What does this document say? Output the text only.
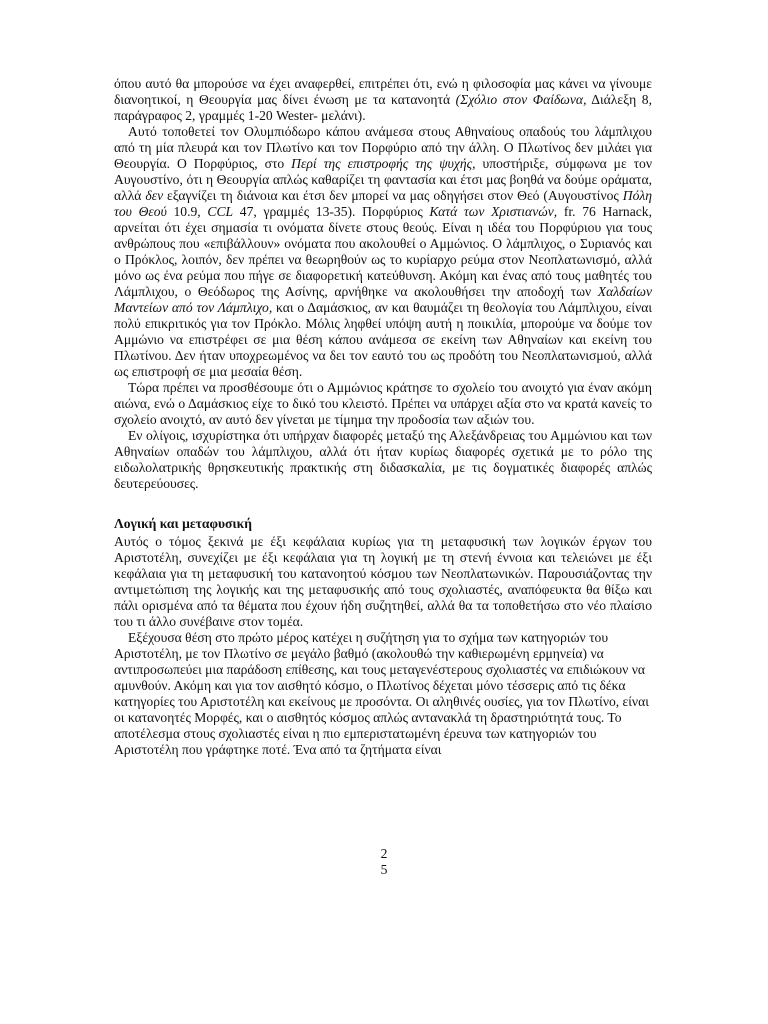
όπου αυτό θα μπορούσε να έχει αναφερθεί, επιτρέπει ότι, ενώ η φιλοσοφία μας κάνει να γίνουμε διανοητικοί, η Θεουργία μας δίνει ένωση με τα κατανοητά (Σχόλιο στον Φαίδωνα, Διάλεξη 8, παράγραφος 2, γραμμές 1-20 Wester- μελάνι).

Αυτό τοποθετεί τον Ολυμπιόδωρο κάπου ανάμεσα στους Αθηναίους οπαδούς του λάμπλιχου από τη μία πλευρά και τον Πλωτίνο και τον Πορφύριο από την άλλη. Ο Πλωτίνος δεν μιλάει για Θεουργία. Ο Πορφύριος, στο Περί της επιστροφής της ψυχής, υποστήριξε, σύμφωνα με τον Αυγουστίνο, ότι η Θεουργία απλώς καθαρίζει τη φαντασία και έτσι μας βοηθά να δούμε οράματα, αλλά δεν εξαγνίζει τη διάνοια και έτσι δεν μπορεί να μας οδηγήσει στον Θεό (Αυγουστίνος Πόλη του Θεού 10.9, CCL 47, γραμμές 13-35). Πορφύριος Κατά των Χριστιανών, fr. 76 Harnack, αρνείται ότι έχει σημασία τι ονόματα δίνετε στους θεούς. Είναι η ιδέα του Πορφύριου για τους ανθρώπους που «επιβάλλουν» ονόματα που ακολουθεί ο Αμμώνιος. Ο λάμπλιχος, ο Συριανός και ο Πρόκλος, λοιπόν, δεν πρέπει να θεωρηθούν ως το κυρίαρχο ρεύμα στον Νεοπλατωνισμό, αλλά μόνο ως ένα ρεύμα που πήγε σε διαφορετική κατεύθυνση. Ακόμη και ένας από τους μαθητές του Λάμπλιχου, ο Θεόδωρος της Ασίνης, αρνήθηκε να ακολουθήσει την αποδοχή των Χαλδαίων Μαντείων από τον Λάμπλιχο, και ο Δαμάσκιος, αν και θαυμάζει τη θεολογία του Λάμπλιχου, είναι πολύ επικριτικός για τον Πρόκλο. Μόλις ληφθεί υπόψη αυτή η ποικιλία, μπορούμε να δούμε τον Αμμώνιο να επιστρέφει σε μια θέση κάπου ανάμεσα σε εκείνη των Αθηναίων και εκείνη του Πλωτίνου. Δεν ήταν υποχρεωμένος να δει τον εαυτό του ως προδότη του Νεοπλατωνισμού, αλλά ως επιστροφή σε μια μεσαία θέση.

Τώρα πρέπει να προσθέσουμε ότι ο Αμμώνιος κράτησε το σχολείο του ανοιχτό για έναν ακόμη αιώνα, ενώ ο Δαμάσκιος είχε το δικό του κλειστό. Πρέπει να υπάρχει αξία στο να κρατά κανείς το σχολείο ανοιχτό, αν αυτό δεν γίνεται με τίμημα την προδοσία των αξιών του.

Εν ολίγοις, ισχυρίστηκα ότι υπήρχαν διαφορές μεταξύ της Αλεξάνδρειας του Αμμώνιου και των Αθηναίων οπαδών του λάμπλιχου, αλλά ότι ήταν κυρίως διαφορές σχετικά με το ρόλο της ειδωλολατρικής θρησκευτικής πρακτικής στη διδασκαλία, με τις δογματικές διαφορές απλώς δευτερεύουσες.

Λογική και μεταφυσική

Αυτός ο τόμος ξεκινά με έξι κεφάλαια κυρίως για τη μεταφυσική των λογικών έργων του Αριστοτέλη, συνεχίζει με έξι κεφάλαια για τη λογική με τη στενή έννοια και τελειώνει με έξι κεφάλαια για τη μεταφυσική του κατανοητού κόσμου των Νεοπλατωνικών. Παρουσιάζοντας την αντιμετώπιση της λογικής και της μεταφυσικής από τους σχολιαστές, αναπόφευκτα θα θίξω και πάλι ορισμένα από τα θέματα που έχουν ήδη συζητηθεί, αλλά θα τα τοποθετήσω στο νέο πλαίσιο του τι άλλο συνέβαινε στον τομέα.

Εξέχουσα θέση στο πρώτο μέρος κατέχει η συζήτηση για το σχήμα των κατηγοριών του Αριστοτέλη, με τον Πλωτίνο σε μεγάλο βαθμό (ακολουθώ την καθιερωμένη ερμηνεία) να αντιπροσωπεύει μια παράδοση επίθεσης, και τους μεταγενέστερους σχολιαστές να επιδιώκουν να αμυνθούν. Ακόμη και για τον αισθητό κόσμο, ο Πλωτίνος δέχεται μόνο τέσσερις από τις δέκα κατηγορίες του Αριστοτέλη και εκείνους με προσόντα. Οι αληθινές ουσίες, για τον Πλωτίνο, είναι οι κατανοητές Μορφές, και ο αισθητός κόσμος απλώς αντανακλά τη δραστηριότητά τους. Το αποτέλεσμα στους σχολιαστές είναι η πιο εμπεριστατωμένη έρευνα των κατηγοριών του Αριστοτέλη που γράφτηκε ποτέ. Ένα από τα ζητήματα είναι

2
5
